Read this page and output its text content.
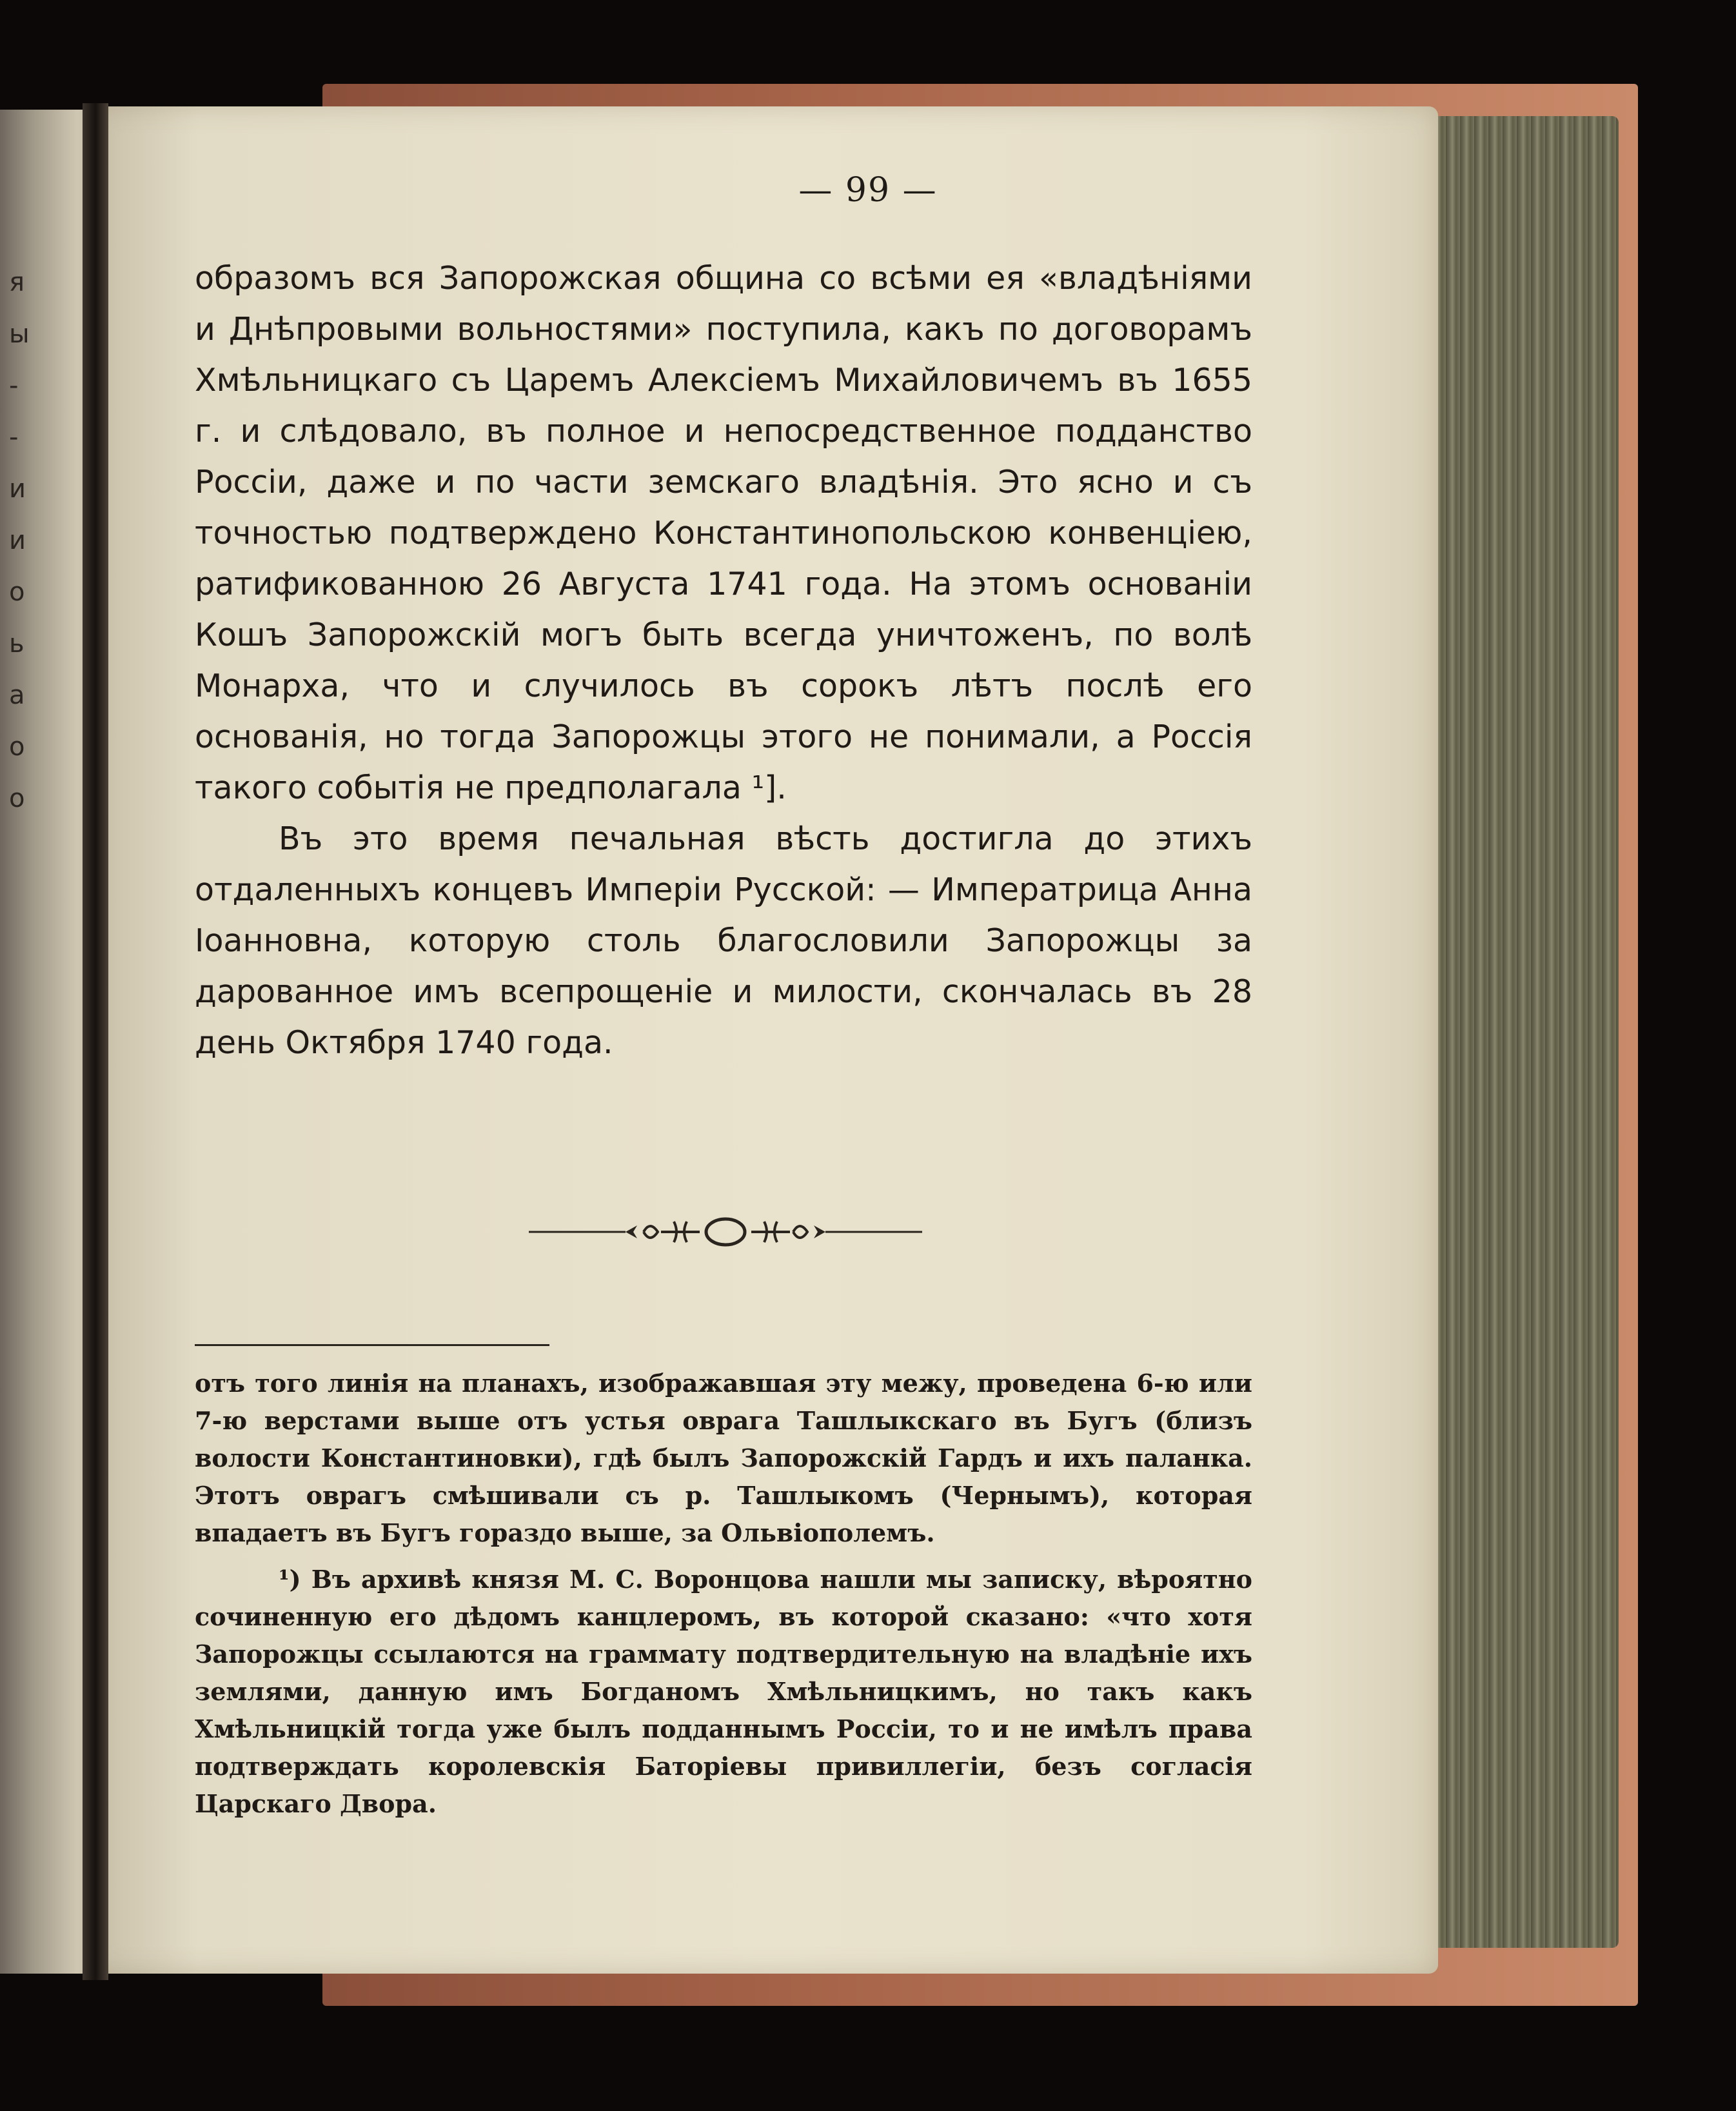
я
ы
-
-
и
и
о
ь
а
о
о
— 99 —

образомъ вся Запорожская община со всѣми ея «владѣніями и Днѣпровыми вольностями» поступила, какъ по договорамъ Хмѣльницкаго съ Царемъ Алексіемъ Михайловичемъ въ 1655 г. и слѣдовало, въ полное и непосредственное подданство Россіи, даже и по части земскаго владѣнія. Это ясно и съ точностью подтверждено Константинопольскою конвенціею, ратификованною 26 Августа 1741 года. На этомъ основаніи Кошъ Запорожскій могъ быть всегда уничтоженъ, по волѣ Монарха, что и случилось въ сорокъ лѣтъ послѣ его основанія, но тогда Запорожцы этого не понимали, а Россія такого событія не предполагала ¹].

Въ это время печальная вѣсть достигла до этихъ отдаленныхъ концевъ Имперіи Русской: — Императрица Анна Іоанновна, которую столь благословили Запорожцы за дарованное имъ всепрощеніе и милости, скончалась въ 28 день Октября 1740 года.

отъ того линія на планахъ, изображавшая эту межу, проведена 6-ю или 7-ю верстами выше отъ устья оврага Ташлыкскаго въ Бугъ (близъ волости Константиновки), гдѣ былъ Запорожскій Гардъ и ихъ паланка. Этотъ оврагъ смѣшивали съ р. Ташлыкомъ (Чернымъ), которая впадаетъ въ Бугъ гораздо выше, за Ольвіополемъ.

¹) Въ архивѣ князя М. С. Воронцова нашли мы записку, вѣроятно сочиненную его дѣдомъ канцлеромъ, въ которой сказано: «что хотя Запорожцы ссылаются на граммату подтвердительную на владѣніе ихъ землями, данную имъ Богданомъ Хмѣльницкимъ, но такъ какъ Хмѣльницкій тогда уже былъ подданнымъ Россіи, то и не имѣлъ права подтверждать королевскія Баторіевы привиллегіи, безъ согласія Царскаго Двора.
